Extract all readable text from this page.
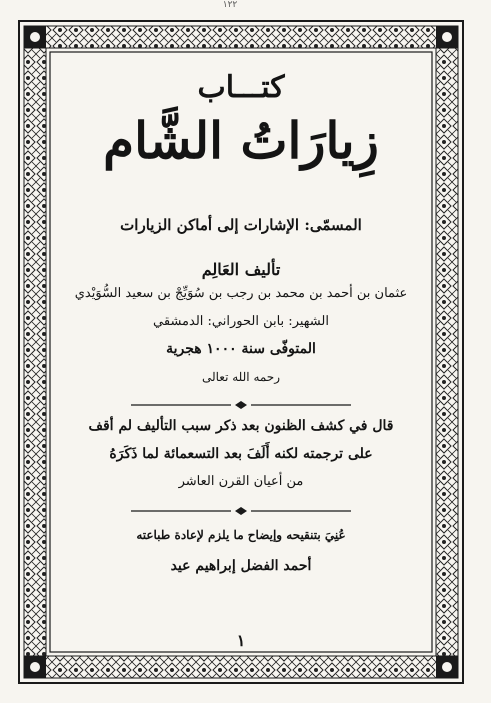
١٢٢
كتـــاب
زِيارَاتُ الشَّام
المسمّى: الإشارات إلى أماكن الزيارات
تأليف العَالِم
عثمان بن أحمد بن محمد بن رجب بن سُوَيِّجْ بن سعيد السُّوَيْدي
الشهير: بابن الحوراني: الدمشقي
المتوفّى سنة ١٠٠٠ هجرية
رحمه الله تعالى
قال في كشف الظنون بعد ذكر سبب التأليف لم أقف
على ترجمته لكنه أَلَفَ بعد التسعمائة لما ذَكَرَهُ
من أعيان القرن العاشر
عُنِيَ بتنقيحه وإيضاح ما يلزم لإعادة طباعته
أحمد الفضل إبراهيم عيد
١
